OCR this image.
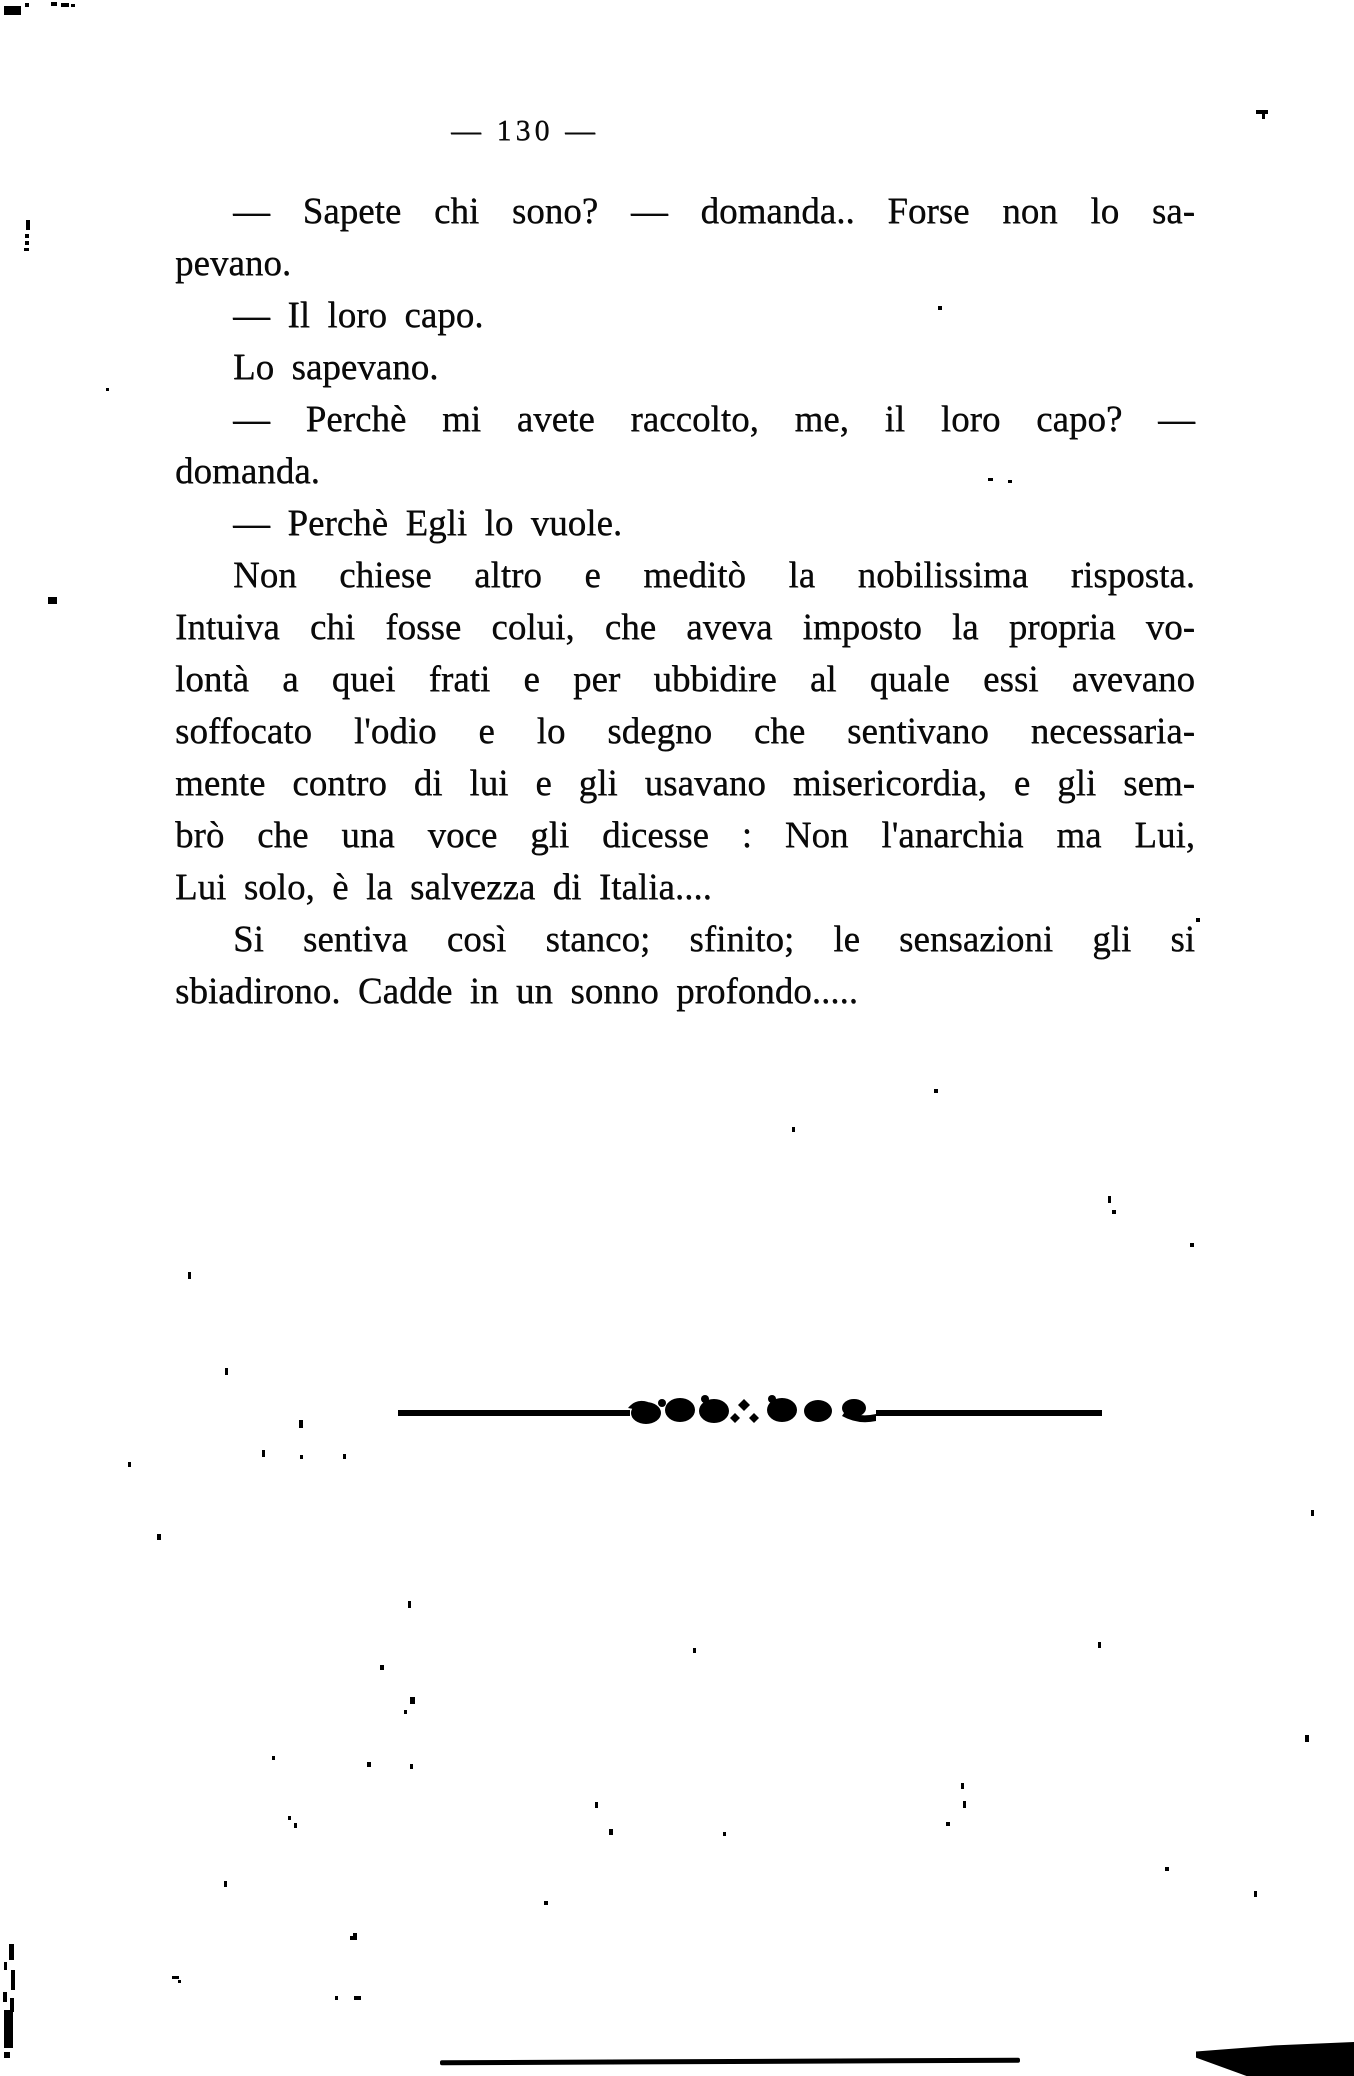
— 130 —
— Sapete chi sono? — domanda.. Forse non lo sa-
pevano.
— Il loro capo.
Lo sapevano.
— Perchè mi avete raccolto, me, il loro capo? —
domanda.
— Perchè Egli lo vuole.
Non chiese altro e meditò la nobilissima risposta.
Intuiva chi fosse colui, che aveva imposto la propria vo-
lontà a quei frati e per ubbidire al quale essi avevano
soffocato l'odio e lo sdegno che sentivano necessaria-
mente contro di lui e gli usavano misericordia, e gli sem-
brò che una voce gli dicesse : Non l'anarchia ma Lui,
Lui solo, è la salvezza di Italia....
Si sentiva così stanco; sfinito; le sensazioni gli si
sbiadirono. Cadde in un sonno profondo.....
